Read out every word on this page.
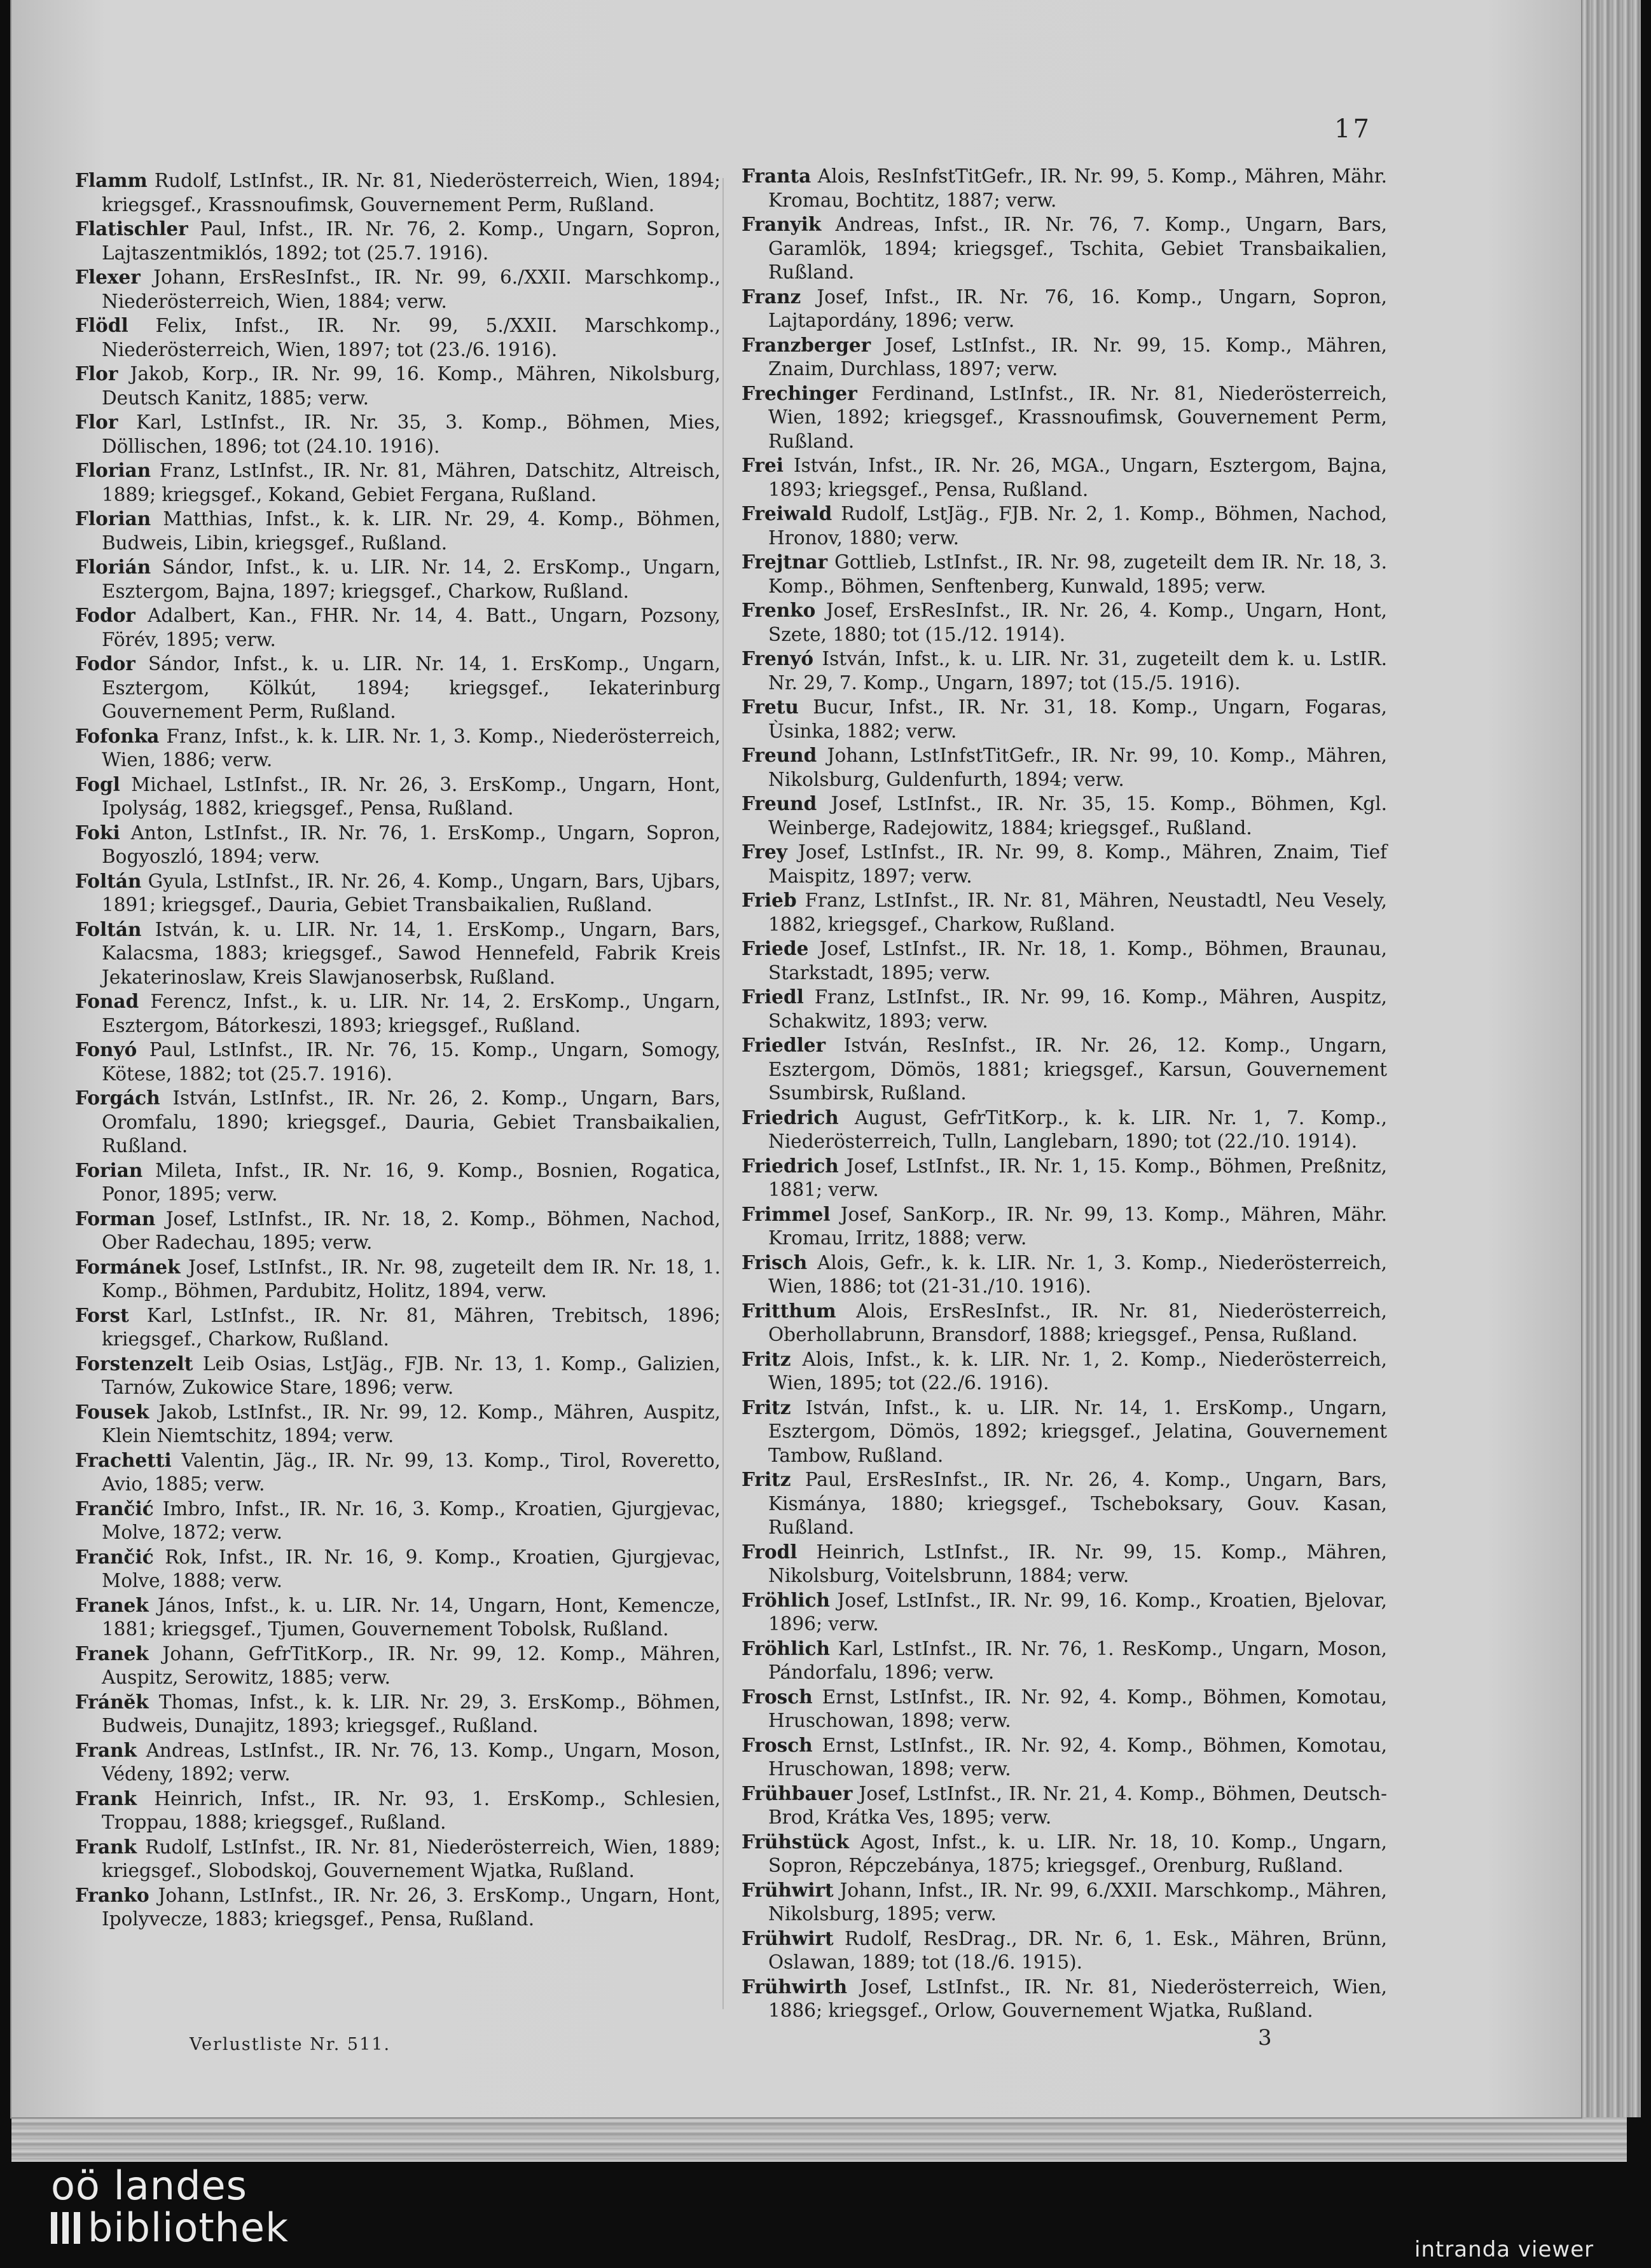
17
Flamm Rudolf, LstInfst., IR. Nr. 81, Niederösterreich, Wien, 1894; kriegsgef., Krassnoufimsk, Gouvernement Perm, Rußland.
Flatischler Paul, Infst., IR. Nr. 76, 2. Komp., Ungarn, Sopron, Lajtaszentmiklós, 1892; tot (25.7. 1916).
Flexer Johann, ErsResInfst., IR. Nr. 99, 6./XXII. Marschkomp., Niederösterreich, Wien, 1884; verw.
Flödl Felix, Infst., IR. Nr. 99, 5./XXII. Marschkomp., Niederösterreich, Wien, 1897; tot (23./6. 1916).
Flor Jakob, Korp., IR. Nr. 99, 16. Komp., Mähren, Nikolsburg, Deutsch Kanitz, 1885; verw.
Flor Karl, LstInfst., IR. Nr. 35, 3. Komp., Böhmen, Mies, Döllischen, 1896; tot (24.10. 1916).
Florian Franz, LstInfst., IR. Nr. 81, Mähren, Datschitz, Altreisch, 1889; kriegsgef., Kokand, Gebiet Fergana, Rußland.
Florian Matthias, Infst., k. k. LIR. Nr. 29, 4. Komp., Böhmen, Budweis, Libin, kriegsgef., Rußland.
Florián Sándor, Infst., k. u. LIR. Nr. 14, 2. ErsKomp., Ungarn, Esztergom, Bajna, 1897; kriegsgef., Charkow, Rußland.
Fodor Adalbert, Kan., FHR. Nr. 14, 4. Batt., Ungarn, Pozsony, Förév, 1895; verw.
Fodor Sándor, Infst., k. u. LIR. Nr. 14, 1. ErsKomp., Ungarn, Esztergom, Kölkút, 1894; kriegsgef., Iekaterinburg Gouvernement Perm, Rußland.
Fofonka Franz, Infst., k. k. LIR. Nr. 1, 3. Komp., Niederösterreich, Wien, 1886; verw.
Fogl Michael, LstInfst., IR. Nr. 26, 3. ErsKomp., Ungarn, Hont, Ipolyság, 1882, kriegsgef., Pensa, Rußland.
Foki Anton, LstInfst., IR. Nr. 76, 1. ErsKomp., Ungarn, Sopron, Bogyoszló, 1894; verw.
Foltán Gyula, LstInfst., IR. Nr. 26, 4. Komp., Ungarn, Bars, Ujbars, 1891; kriegsgef., Dauria, Gebiet Transbaikalien, Rußland.
Foltán István, k. u. LIR. Nr. 14, 1. ErsKomp., Ungarn, Bars, Kalacsma, 1883; kriegsgef., Sawod Hennefeld, Fabrik Kreis Jekaterinoslaw, Kreis Slawjanoserbsk, Rußland.
Fonad Ferencz, Infst., k. u. LIR. Nr. 14, 2. ErsKomp., Ungarn, Esztergom, Bátorkeszi, 1893; kriegsgef., Rußland.
Fonyó Paul, LstInfst., IR. Nr. 76, 15. Komp., Ungarn, Somogy, Kötese, 1882; tot (25.7. 1916).
Forgách István, LstInfst., IR. Nr. 26, 2. Komp., Ungarn, Bars, Oromfalu, 1890; kriegsgef., Dauria, Gebiet Transbaikalien, Rußland.
Forian Mileta, Infst., IR. Nr. 16, 9. Komp., Bosnien, Rogatica, Ponor, 1895; verw.
Forman Josef, LstInfst., IR. Nr. 18, 2. Komp., Böhmen, Nachod, Ober Radechau, 1895; verw.
Formánek Josef, LstInfst., IR. Nr. 98, zugeteilt dem IR. Nr. 18, 1. Komp., Böhmen, Pardubitz, Holitz, 1894, verw.
Forst Karl, LstInfst., IR. Nr. 81, Mähren, Trebitsch, 1896; kriegsgef., Charkow, Rußland.
Forstenzelt Leib Osias, LstJäg., FJB. Nr. 13, 1. Komp., Galizien, Tarnów, Zukowice Stare, 1896; verw.
Fousek Jakob, LstInfst., IR. Nr. 99, 12. Komp., Mähren, Auspitz, Klein Niemtschitz, 1894; verw.
Frachetti Valentin, Jäg., IR. Nr. 99, 13. Komp., Tirol, Roveretto, Avio, 1885; verw.
Frančić Imbro, Infst., IR. Nr. 16, 3. Komp., Kroatien, Gjurgjevac, Molve, 1872; verw.
Frančić Rok, Infst., IR. Nr. 16, 9. Komp., Kroatien, Gjurgjevac, Molve, 1888; verw.
Franek János, Infst., k. u. LIR. Nr. 14, Ungarn, Hont, Kemencze, 1881; kriegsgef., Tjumen, Gouvernement Tobolsk, Rußland.
Franek Johann, GefrTitKorp., IR. Nr. 99, 12. Komp., Mähren, Auspitz, Serowitz, 1885; verw.
Fránĕk Thomas, Infst., k. k. LIR. Nr. 29, 3. ErsKomp., Böhmen, Budweis, Dunajitz, 1893; kriegsgef., Rußland.
Frank Andreas, LstInfst., IR. Nr. 76, 13. Komp., Ungarn, Moson, Védeny, 1892; verw.
Frank Heinrich, Infst., IR. Nr. 93, 1. ErsKomp., Schlesien, Troppau, 1888; kriegsgef., Rußland.
Frank Rudolf, LstInfst., IR. Nr. 81, Niederösterreich, Wien, 1889; kriegsgef., Slobodskoj, Gouvernement Wjatka, Rußland.
Franko Johann, LstInfst., IR. Nr. 26, 3. ErsKomp., Ungarn, Hont, Ipolyvecze, 1883; kriegsgef., Pensa, Rußland.
Franta Alois, ResInfstTitGefr., IR. Nr. 99, 5. Komp., Mähren, Mähr. Kromau, Bochtitz, 1887; verw.
Franyik Andreas, Infst., IR. Nr. 76, 7. Komp., Ungarn, Bars, Garamlök, 1894; kriegsgef., Tschita, Gebiet Transbaikalien, Rußland.
Franz Josef, Infst., IR. Nr. 76, 16. Komp., Ungarn, Sopron, Lajtapordány, 1896; verw.
Franzberger Josef, LstInfst., IR. Nr. 99, 15. Komp., Mähren, Znaim, Durchlass, 1897; verw.
Frechinger Ferdinand, LstInfst., IR. Nr. 81, Niederösterreich, Wien, 1892; kriegsgef., Krassnoufimsk, Gouvernement Perm, Rußland.
Frei István, Infst., IR. Nr. 26, MGA., Ungarn, Esztergom, Bajna, 1893; kriegsgef., Pensa, Rußland.
Freiwald Rudolf, LstJäg., FJB. Nr. 2, 1. Komp., Böhmen, Nachod, Hronov, 1880; verw.
Frejtnar Gottlieb, LstInfst., IR. Nr. 98, zugeteilt dem IR. Nr. 18, 3. Komp., Böhmen, Senftenberg, Kunwald, 1895; verw.
Frenko Josef, ErsResInfst., IR. Nr. 26, 4. Komp., Ungarn, Hont, Szete, 1880; tot (15./12. 1914).
Frenyó István, Infst., k. u. LIR. Nr. 31, zugeteilt dem k. u. LstIR. Nr. 29, 7. Komp., Ungarn, 1897; tot (15./5. 1916).
Fretu Bucur, Infst., IR. Nr. 31, 18. Komp., Ungarn, Fogaras, Ùsinka, 1882; verw.
Freund Johann, LstInfstTitGefr., IR. Nr. 99, 10. Komp., Mähren, Nikolsburg, Guldenfurth, 1894; verw.
Freund Josef, LstInfst., IR. Nr. 35, 15. Komp., Böhmen, Kgl. Weinberge, Radejowitz, 1884; kriegsgef., Rußland.
Frey Josef, LstInfst., IR. Nr. 99, 8. Komp., Mähren, Znaim, Tief Maispitz, 1897; verw.
Frieb Franz, LstInfst., IR. Nr. 81, Mähren, Neustadtl, Neu Vesely, 1882, kriegsgef., Charkow, Rußland.
Friede Josef, LstInfst., IR. Nr. 18, 1. Komp., Böhmen, Braunau, Starkstadt, 1895; verw.
Friedl Franz, LstInfst., IR. Nr. 99, 16. Komp., Mähren, Auspitz, Schakwitz, 1893; verw.
Friedler István, ResInfst., IR. Nr. 26, 12. Komp., Ungarn, Esztergom, Dömös, 1881; kriegsgef., Karsun, Gouvernement Ssumbirsk, Rußland.
Friedrich August, GefrTitKorp., k. k. LIR. Nr. 1, 7. Komp., Niederösterreich, Tulln, Langlebarn, 1890; tot (22./10. 1914).
Friedrich Josef, LstInfst., IR. Nr. 1, 15. Komp., Böhmen, Preßnitz, 1881; verw.
Frimmel Josef, SanKorp., IR. Nr. 99, 13. Komp., Mähren, Mähr. Kromau, Irritz, 1888; verw.
Frisch Alois, Gefr., k. k. LIR. Nr. 1, 3. Komp., Niederösterreich, Wien, 1886; tot (21-31./10. 1916).
Fritthum Alois, ErsResInfst., IR. Nr. 81, Niederösterreich, Oberhollabrunn, Bransdorf, 1888; kriegsgef., Pensa, Rußland.
Fritz Alois, Infst., k. k. LIR. Nr. 1, 2. Komp., Niederösterreich, Wien, 1895; tot (22./6. 1916).
Fritz István, Infst., k. u. LIR. Nr. 14, 1. ErsKomp., Ungarn, Esztergom, Dömös, 1892; kriegsgef., Jelatina, Gouvernement Tambow, Rußland.
Fritz Paul, ErsResInfst., IR. Nr. 26, 4. Komp., Ungarn, Bars, Kismánya, 1880; kriegsgef., Tscheboksary, Gouv. Kasan, Rußland.
Frodl Heinrich, LstInfst., IR. Nr. 99, 15. Komp., Mähren, Nikolsburg, Voitelsbrunn, 1884; verw.
Fröhlich Josef, LstInfst., IR. Nr. 99, 16. Komp., Kroatien, Bjelovar, 1896; verw.
Fröhlich Karl, LstInfst., IR. Nr. 76, 1. ResKomp., Ungarn, Moson, Pándorfalu, 1896; verw.
Frosch Ernst, LstInfst., IR. Nr. 92, 4. Komp., Böhmen, Komotau, Hruschowan, 1898; verw.
Frosch Ernst, LstInfst., IR. Nr. 92, 4. Komp., Böhmen, Komotau, Hruschowan, 1898; verw.
Frühbauer Josef, LstInfst., IR. Nr. 21, 4. Komp., Böhmen, Deutsch-Brod, Krátka Ves, 1895; verw.
Frühstück Agost, Infst., k. u. LIR. Nr. 18, 10. Komp., Ungarn, Sopron, Répczebánya, 1875; kriegsgef., Orenburg, Rußland.
Frühwirt Johann, Infst., IR. Nr. 99, 6./XXII. Marschkomp., Mähren, Nikolsburg, 1895; verw.
Frühwirt Rudolf, ResDrag., DR. Nr. 6, 1. Esk., Mähren, Brünn, Oslawan, 1889; tot (18./6. 1915).
Frühwirth Josef, LstInfst., IR. Nr. 81, Niederösterreich, Wien, 1886; kriegsgef., Orlow, Gouvernement Wjatka, Rußland.
Verlustliste Nr. 511.	3
oö landes
bibliothek	intranda viewer
